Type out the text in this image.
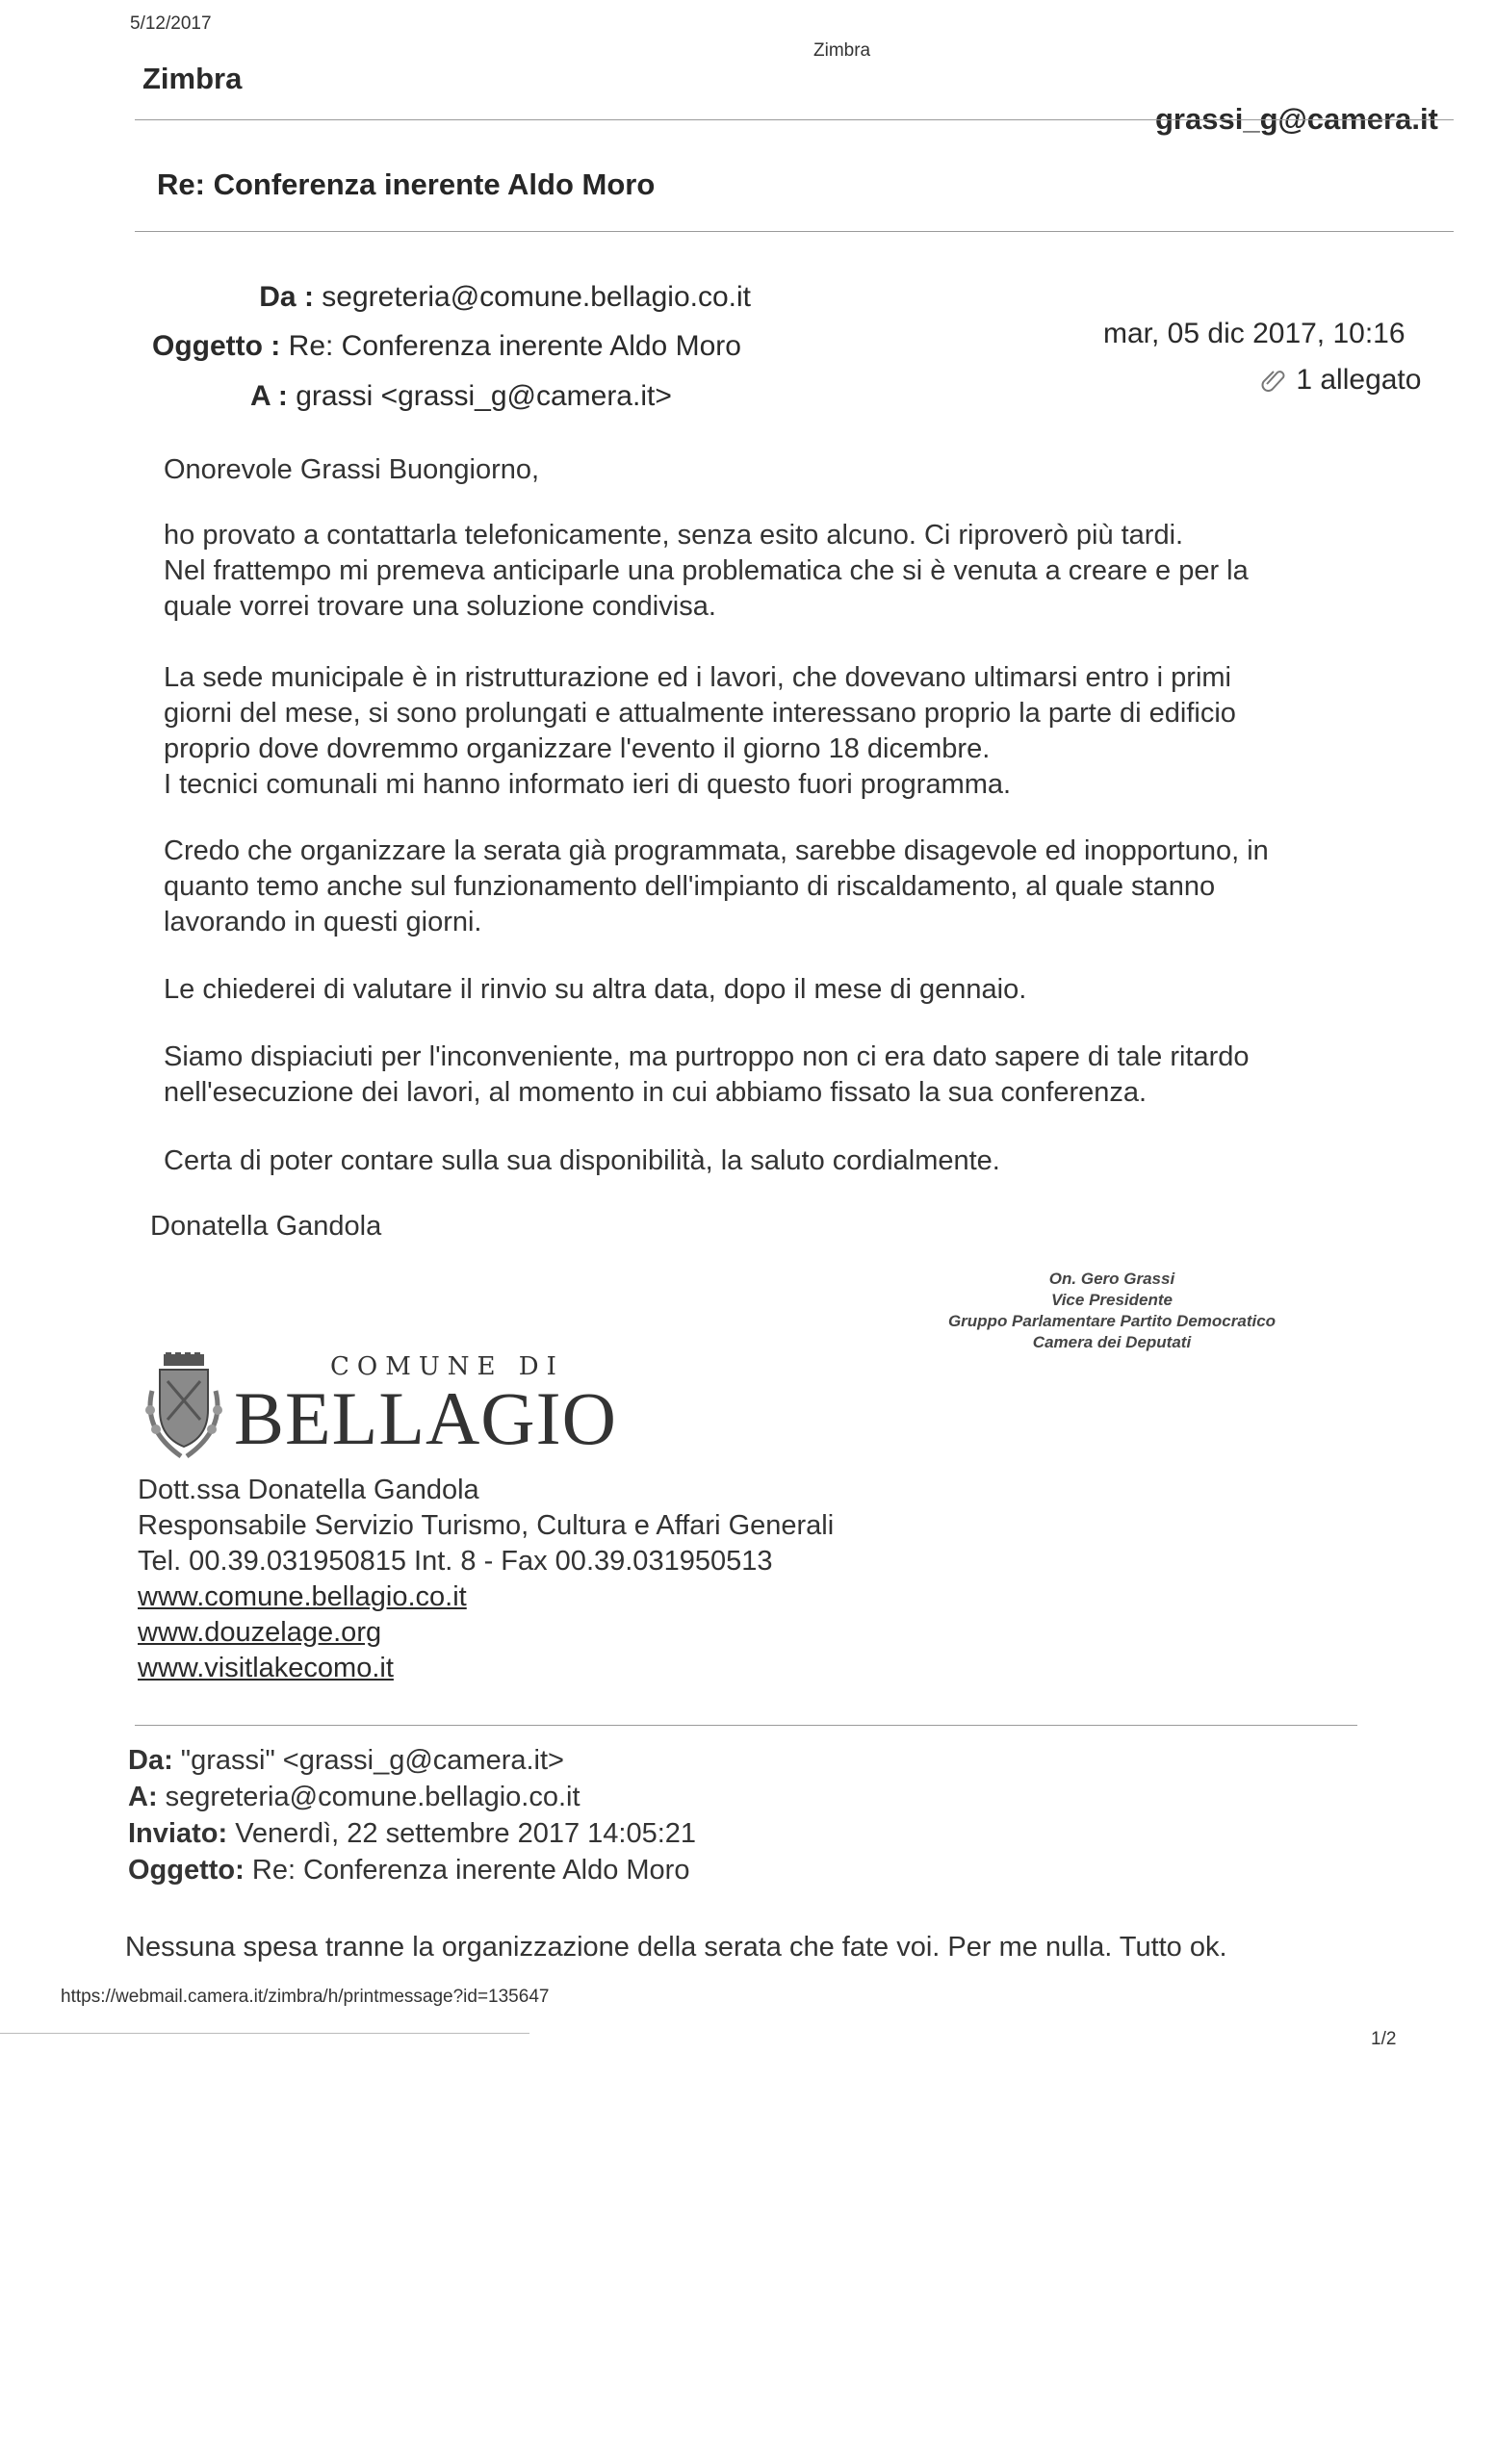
5/12/2017
Zimbra
Zimbra
grassi_g@camera.it
Re: Conferenza inerente Aldo Moro
Da : segreteria@comune.bellagio.co.it
Oggetto : Re: Conferenza inerente Aldo Moro
A : grassi <grassi_g@camera.it>
mar, 05 dic 2017, 10:16
1 allegato
Onorevole Grassi Buongiorno,
ho provato a contattarla telefonicamente, senza esito alcuno. Ci riproverò più tardi.
Nel frattempo mi premeva anticiparle una problematica che si è venuta a creare e per la
quale vorrei trovare una soluzione condivisa.
La sede municipale è in ristrutturazione ed i lavori, che dovevano ultimarsi entro i primi
giorni del mese, si sono prolungati e attualmente interessano proprio la parte di edificio
proprio dove dovremmo organizzare l'evento il giorno 18 dicembre.
I tecnici comunali mi hanno informato ieri di questo fuori programma.
Credo che organizzare la serata già programmata, sarebbe disagevole ed inopportuno, in
quanto temo anche sul funzionamento dell'impianto di riscaldamento, al quale stanno
lavorando in questi giorni.
Le chiederei di valutare il rinvio su altra data, dopo il mese di gennaio.
Siamo dispiaciuti per l'inconveniente, ma purtroppo non ci era dato sapere di tale ritardo
nell'esecuzione dei lavori, al momento in cui abbiamo fissato la sua conferenza.
Certa di poter contare sulla sua disponibilità, la saluto cordialmente.
Donatella Gandola
On. Gero Grassi
Vice Presidente
Gruppo Parlamentare Partito Democratico
Camera dei Deputati
COMUNE DI
BELLAGIO
Dott.ssa Donatella Gandola
Responsabile Servizio Turismo, Cultura e Affari Generali
Tel. 00.39.031950815 Int. 8 - Fax 00.39.031950513
www.comune.bellagio.co.it
www.douzelage.org
www.visitlakecomo.it
Da: "grassi" <grassi_g@camera.it>
A: segreteria@comune.bellagio.co.it
Inviato: Venerdì, 22 settembre 2017 14:05:21
Oggetto: Re: Conferenza inerente Aldo Moro
Nessuna spesa tranne la organizzazione della serata che fate voi. Per me nulla. Tutto ok.
https://webmail.camera.it/zimbra/h/printmessage?id=135647
1/2
